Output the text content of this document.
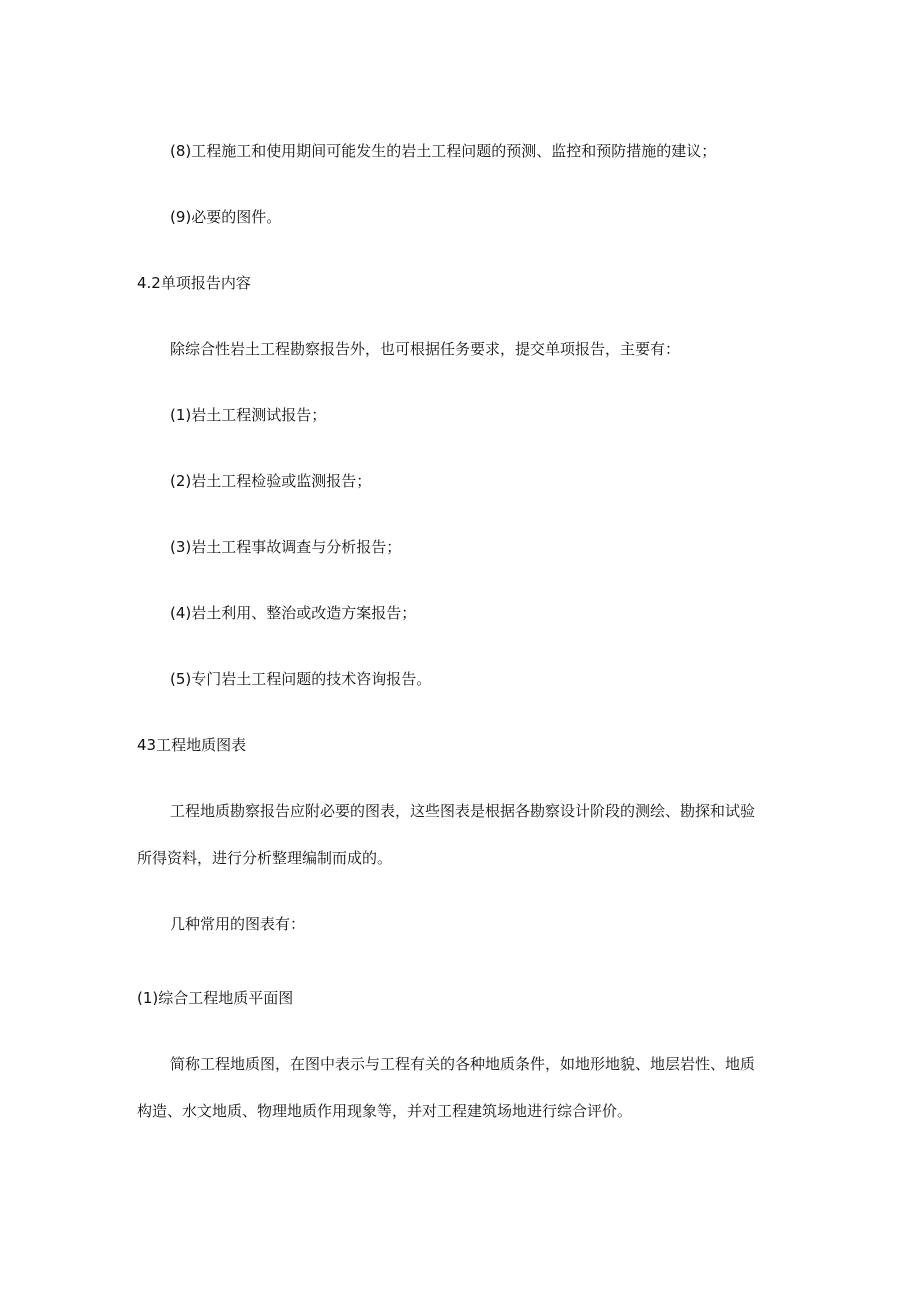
(8)工程施工和使用期间可能发生的岩土工程问题的预测、监控和预防措施的建议；
(9)必要的图件。
4.2单项报告内容
除综合性岩土工程勘察报告外，也可根据任务要求，提交单项报告，主要有：
(1)岩土工程测试报告；
(2)岩土工程检验或监测报告；
(3)岩土工程事故调查与分析报告；
(4)岩土利用、整治或改造方案报告；
(5)专门岩土工程问题的技术咨询报告。
43工程地质图表
工程地质勘察报告应附必要的图表，这些图表是根据各勘察设计阶段的测绘、勘探和试验
所得资料，进行分析整理编制而成的。
几种常用的图表有：
(1)综合工程地质平面图
简称工程地质图，在图中表示与工程有关的各种地质条件，如地形地貌、地层岩性、地质
构造、水文地质、物理地质作用现象等，并对工程建筑场地进行综合评价。
